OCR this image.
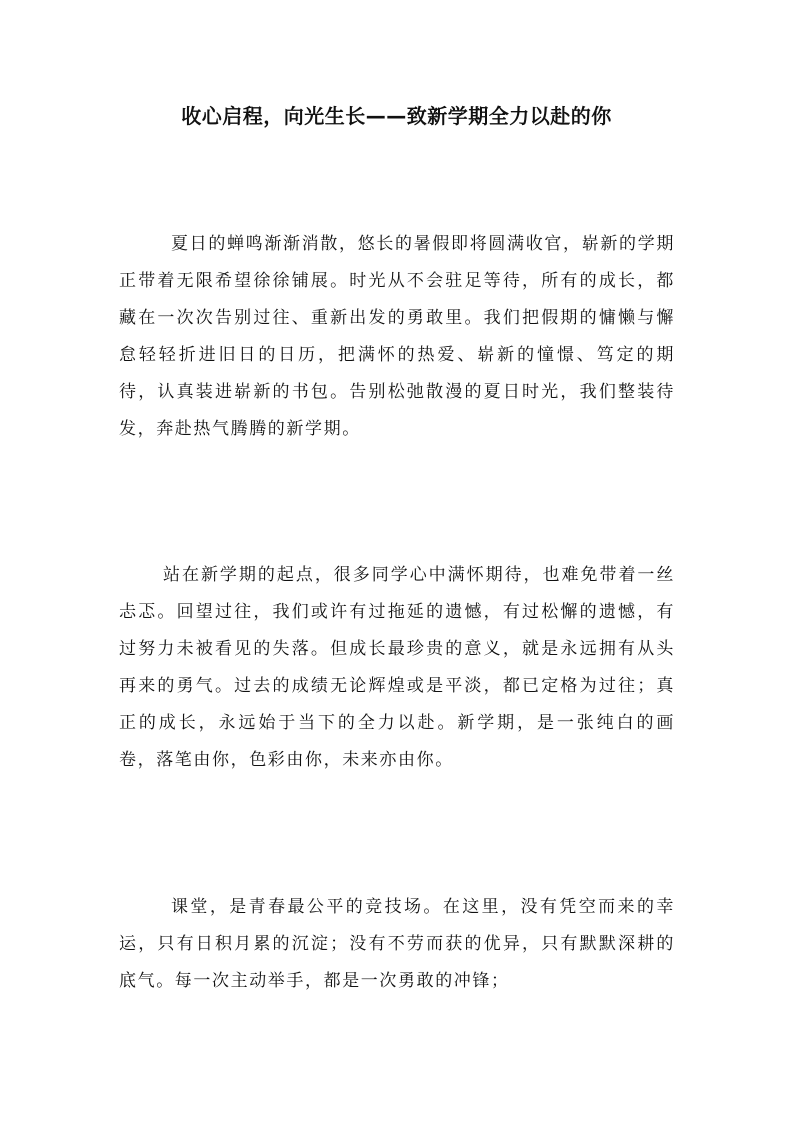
收心启程，向光生长——致新学期全力以赴的你

夏日的蝉鸣渐渐消散，悠长的暑假即将圆满收官，崭新的学期正带着无限希望徐徐铺展。时光从不会驻足等待，所有的成长，都藏在一次次告别过往、重新出发的勇敢里。我们把假期的慵懒与懈怠轻轻折进旧日的日历，把满怀的热爱、崭新的憧憬、笃定的期待，认真装进崭新的书包。告别松弛散漫的夏日时光，我们整装待发，奔赴热气腾腾的新学期。

站在新学期的起点，很多同学心中满怀期待，也难免带着一丝忐忑。回望过往，我们或许有过拖延的遗憾，有过松懈的遗憾，有过努力未被看见的失落。但成长最珍贵的意义，就是永远拥有从头再来的勇气。过去的成绩无论辉煌或是平淡，都已定格为过往；真正的成长，永远始于当下的全力以赴。新学期，是一张纯白的画卷，落笔由你，色彩由你，未来亦由你。

课堂，是青春最公平的竞技场。在这里，没有凭空而来的幸运，只有日积月累的沉淀；没有不劳而获的优异，只有默默深耕的底气。每一次主动举手，都是一次勇敢的冲锋；
